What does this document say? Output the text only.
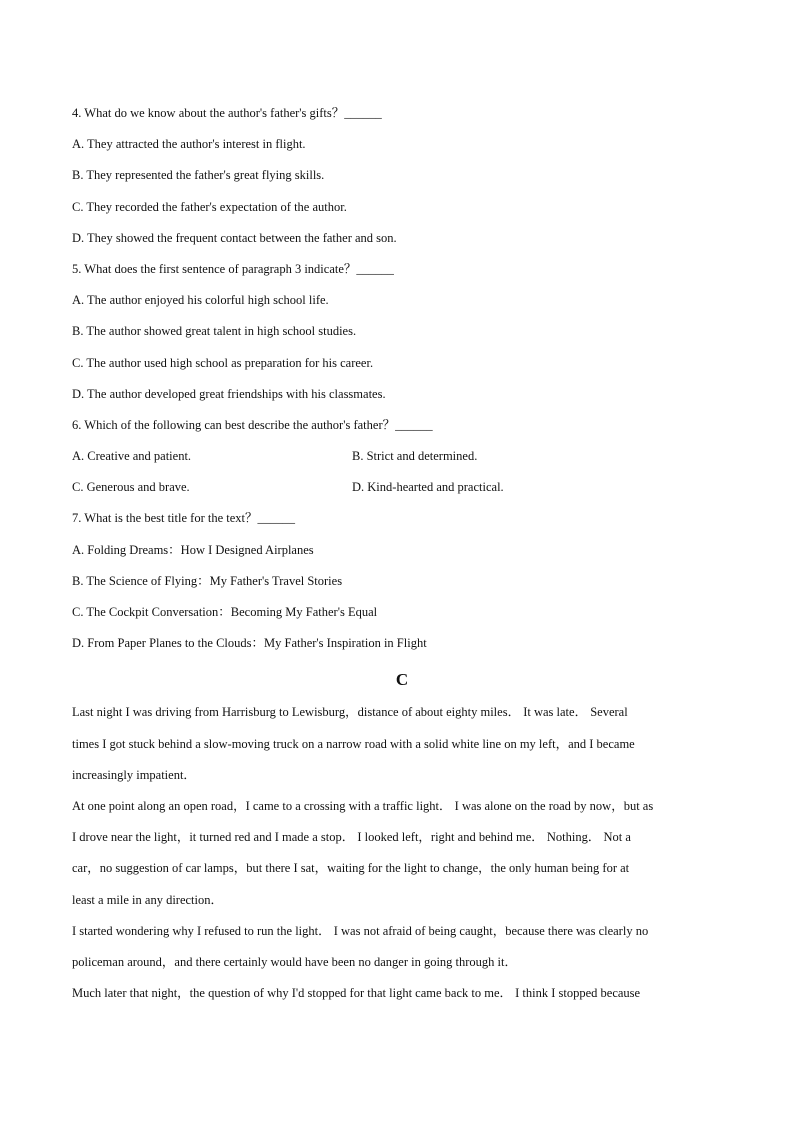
4. What do we know about the author's father's gifts？______
A. They attracted the author's interest in flight.
B. They represented the father's great flying skills.
C. They recorded the father's expectation of the author.
D. They showed the frequent contact between the father and son.
5. What does the first sentence of paragraph 3 indicate？______
A. The author enjoyed his colorful high school life.
B. The author showed great talent in high school studies.
C. The author used high school as preparation for his career.
D. The author developed great friendships with his classmates.
6. Which of the following can best describe the author's father？______
A. Creative and patient.	B. Strict and determined.
C. Generous and brave.	D. Kind-hearted and practical.
7. What is the best title for the text？______
A. Folding Dreams：How I Designed Airplanes
B. The Science of Flying：My Father's Travel Stories
C. The Cockpit Conversation：Becoming My Father's Equal
D. From Paper Planes to the Clouds：My Father's Inspiration in Flight
C
Last night I was driving from Harrisburg to Lewisburg，distance of about eighty miles． It was late． Several
times I got stuck behind a slow-moving truck on a narrow road with a solid white line on my left，and I became
increasingly impatient．
At one point along an open road，I came to a crossing with a traffic light． I was alone on the road by now，but as
I drove near the light，it turned red and I made a stop． I looked left，right and behind me． Nothing． Not a
car，no suggestion of car lamps，but there I sat，waiting for the light to change，the only human being for at
least a mile in any direction．
I started wondering why I refused to run the light． I was not afraid of being caught，because there was clearly no
policeman around，and there certainly would have been no danger in going through it．
Much later that night，the question of why I'd stopped for that light came back to me． I think I stopped because
